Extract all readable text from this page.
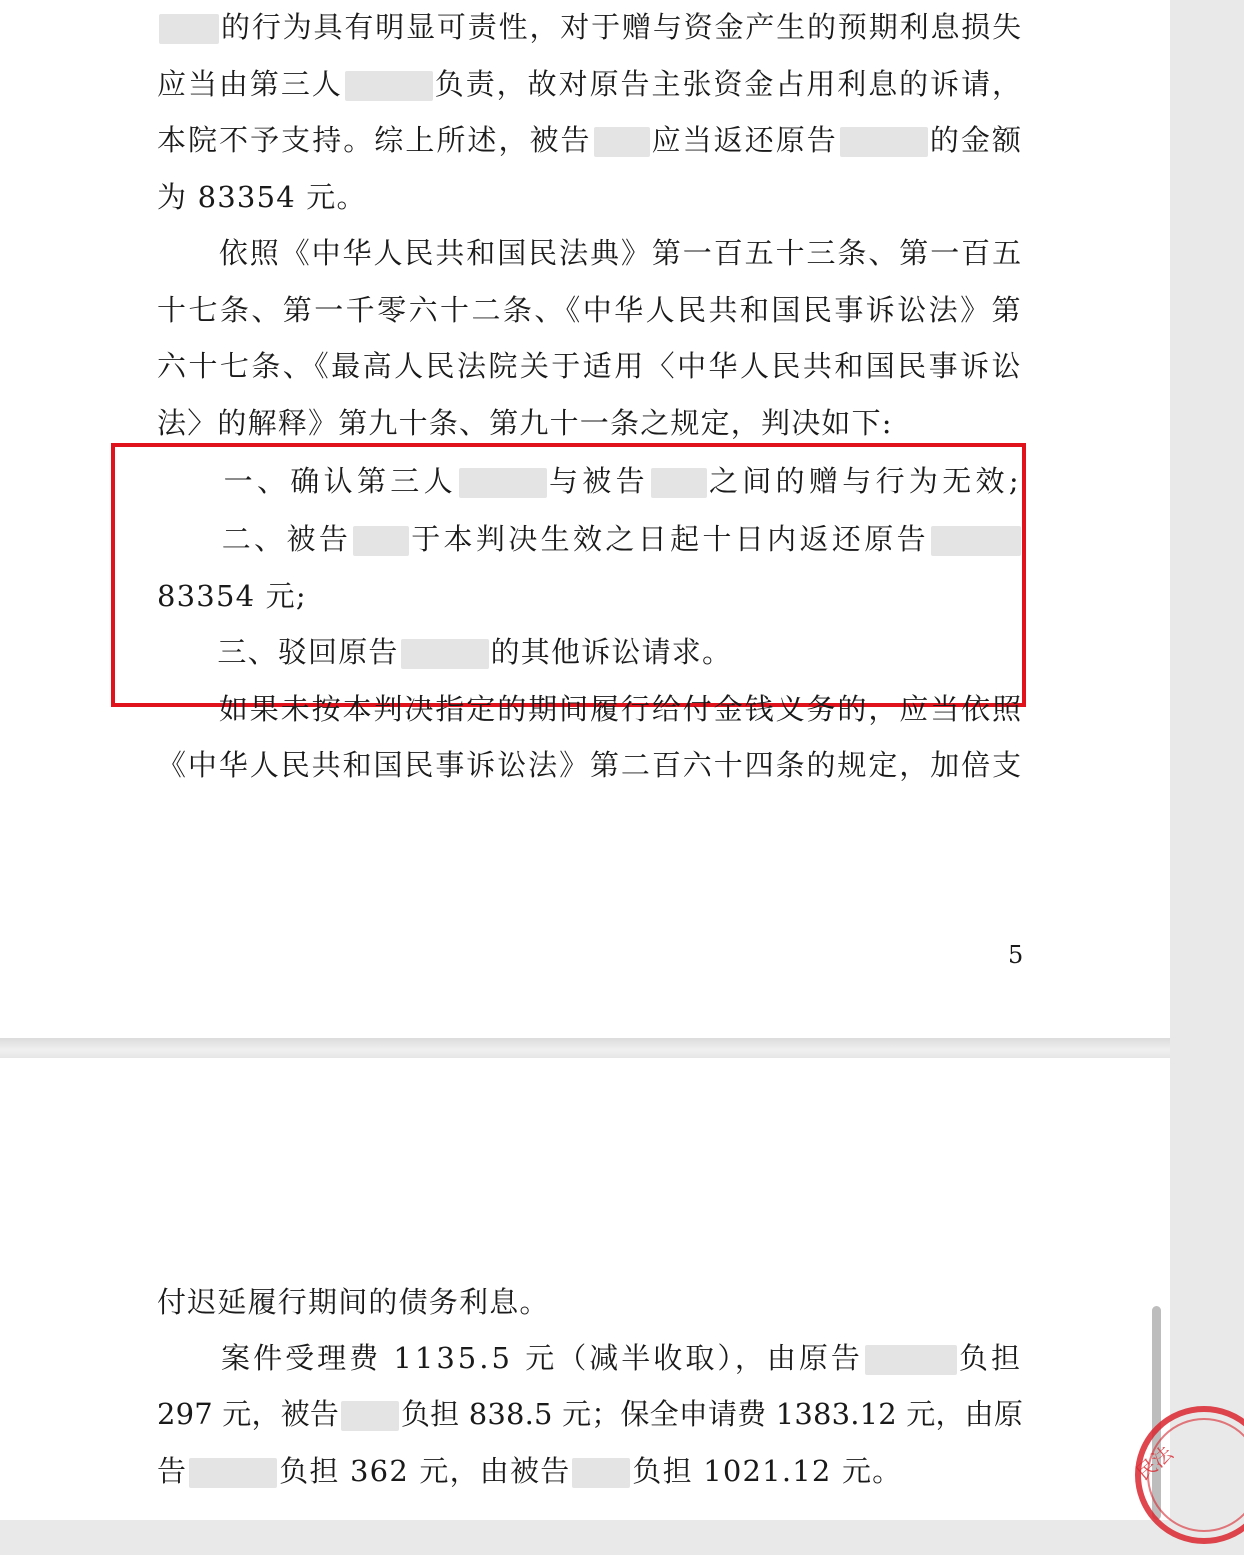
5
民法
的行为具有明显可责性，对于赠与资金产生的预期利息损失
应当由第三人	负责，故对原告主张资金占用利息的诉请，
本院不予支持。综上所述，被告 应当返还原告	的金额
为 83354 元。
　　依照《中华人民共和国民法典》第一百五十三条、第一百五
十七条、第一千零六十二条、《中华人民共和国民事诉讼法》第
六十七条、《最高人民法院关于适用〈中华人民共和国民事诉讼
法〉的解释》第九十条、第九十一条之规定，判决如下:
　　一、确认第三人	与被告 之间的赠与行为无效;
　　二、被告 于本判决生效之日起十日内返还原告
83354 元;
　　三、驳回原告	的其他诉讼请求。
　　如果未按本判决指定的期间履行给付金钱义务的，应当依照
《中华人民共和国民事诉讼法》第二百六十四条的规定，加倍支
付迟延履行期间的债务利息。
　　案件受理费 1135.5 元（减半收取），由原告	负担
297 元，被告 负担 838.5 元；保全申请费 1383.12 元，由原
告	负担 362 元，由被告 负担 1021.12 元。
